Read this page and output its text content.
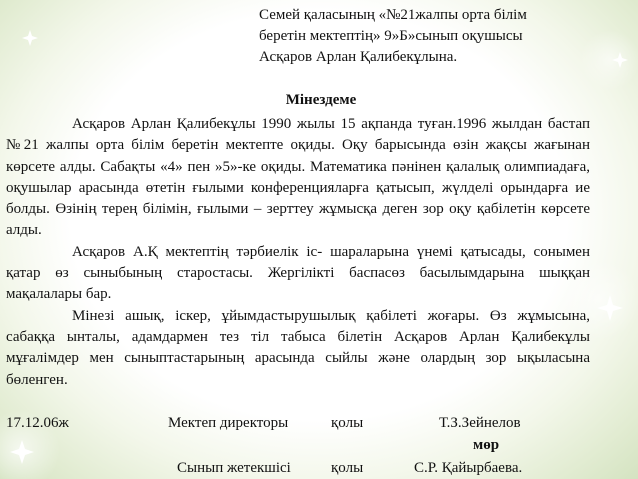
Семей қаласының «№21жалпы орта білім
беретін мектептің» 9»Б»сынып оқушысы
Асқаров Арлан Қалибекұлына.
Мінездеме

Асқаров Арлан Қалибекұлы 1990 жылы 15 ақпанда туған.1996 жылдан бастап №21 жалпы орта білім беретін мектепте оқиды. Оқу барысында өзін жақсы жағынан көрсете алды. Сабақты «4» пен »5»-ке оқиды. Математика пәнінен қалалық олимпиадаға, оқушылар арасында өтетін ғылыми конференцияларға қатысып, жүлделі орындарға ие болды. Өзінің терең білімін, ғылыми – зерттеу жұмысқа деген зор оқу қабілетін көрсете алды.

Асқаров А.Қ мектептің тәрбиелік іс- шараларына үнемі қатысады, сонымен қатар өз сыныбының старостасы. Жергілікті баспасөз басылымдарына шыққан мақалалары бар.

Мінезі ашық, іскер, ұйымдастырушылық қабілеті жоғары. Өз жұмысына, сабаққа ынталы, адамдармен тез тіл табыса білетін Асқаров Арлан Қалибекұлы мұғалімдер мен сыныптастарының арасында сыйлы және олардың зор ықыласына бөленген.

17.12.06ж	Мектеп директоры	қолы	Т.З.Зейнелов
мөр
Сынып жетекшісі	қолы	С.Р. Қайырбаева.
